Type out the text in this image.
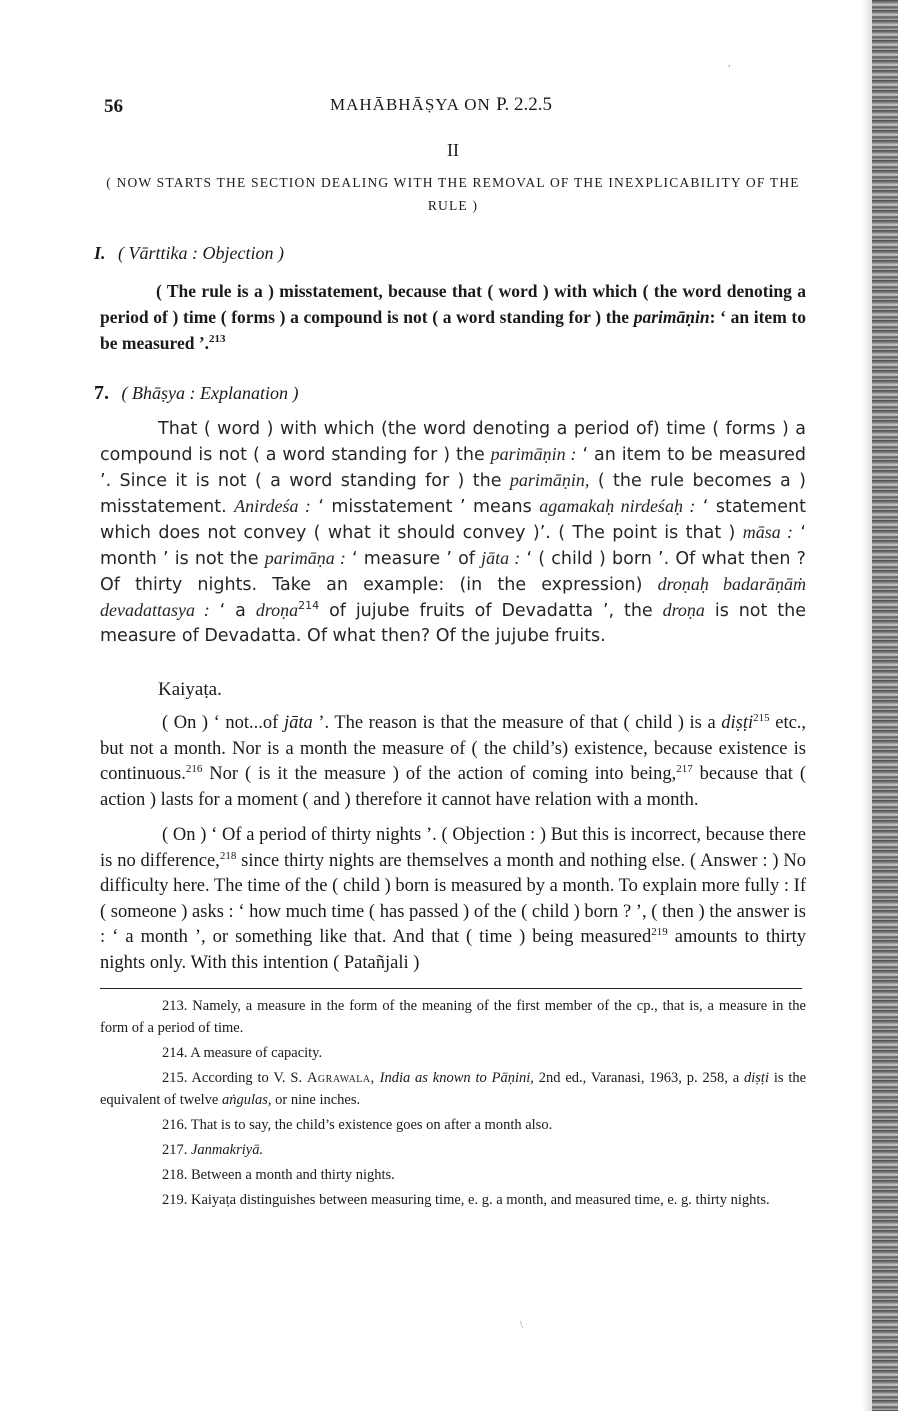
,
\
56	MAHĀBHĀṢYA ON P. 2.2.5
II
( NOW STARTS THE SECTION DEALING WITH THE REMOVAL OF THE INEXPLICABILITY OF THE RULE )
I. ( Vārttika : Objection )

( The rule is a ) misstatement, because that ( word ) with which ( the word denoting a period of ) time ( forms ) a compound is not ( a word standing for ) the parimāṇin: ‘ an item to be measured ’.$^{213}$

7. ( Bhāṣya : Explanation )

That ( word ) with which (the word denoting a period of) time ( forms ) a compound is not ( a word standing for ) the parimāṇin : ‘ an item to be measured ’. Since it is not ( a word standing for ) the parimāṇin, ( the rule becomes a ) misstatement. Anirdeśa : ‘ misstatement ’ means agamakaḥ nirdeśaḥ : ‘ statement which does not convey ( what it should convey )’. ( The point is that ) māsa : ‘ month ’ is not the parimāṇa : ‘ measure ’ of jāta : ‘ ( child ) born ’. Of what then ? Of thirty nights. Take an example: (in the expression) droṇaḥ badarāṇāṁ devadattasya : ‘ a droṇa$^{214}$ of jujube fruits of Devadatta ’, the droṇa is not the measure of Devadatta. Of what then? Of the jujube fruits.

Kaiyaṭa.

( On ) ‘ not...of jāta ’. The reason is that the measure of that ( child ) is a diṣṭi$^{215}$ etc., but not a month. Nor is a month the measure of ( the child’s) existence, because existence is continuous.$^{216}$ Nor ( is it the measure ) of the action of coming into being,$^{217}$ because that ( action ) lasts for a moment ( and ) therefore it cannot have relation with a month.

( On ) ‘ Of a period of thirty nights ’. ( Objection : ) But this is incorrect, because there is no difference,$^{218}$ since thirty nights are themselves a month and nothing else. ( Answer : ) No difficulty here. The time of the ( child ) born is measured by a month. To explain more fully : If ( someone ) asks : ‘ how much time ( has passed ) of the ( child ) born ? ’, ( then ) the answer is : ‘ a month ’, or something like that. And that ( time ) being measured$^{219}$ amounts to thirty nights only. With this intention ( Patañjali )

213. Namely, a measure in the form of the meaning of the first member of the cp., that is, a measure in the form of a period of time.

214. A measure of capacity.

215. According to V. S. Agrawala, India as known to Pāṇini, 2nd ed., Varanasi, 1963, p. 258, a diṣṭi is the equivalent of twelve aṅgulas, or nine inches.

216. That is to say, the child’s existence goes on after a month also.

217. Janmakriyā.

218. Between a month and thirty nights.

219. Kaiyaṭa distinguishes between measuring time, e. g. a month, and measured time, e. g. thirty nights.
